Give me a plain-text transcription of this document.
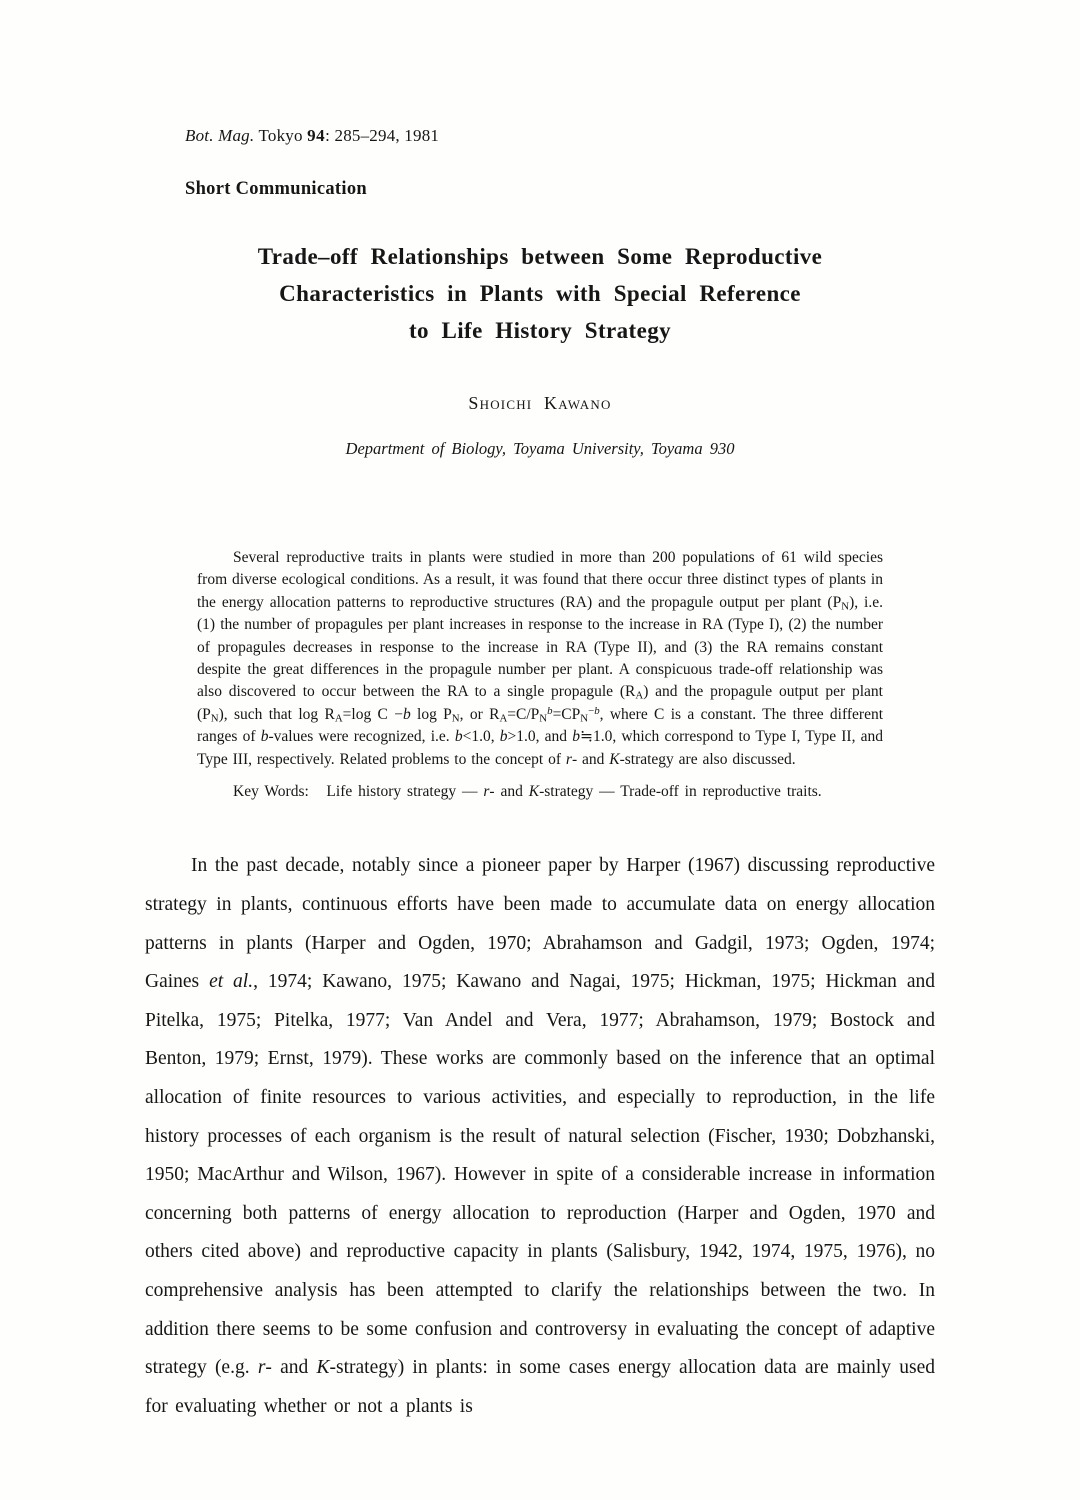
Bot. Mag. Tokyo 94: 285–294, 1981
Short Communication
Trade–off Relationships between Some Reproductive
Characteristics in Plants with Special Reference
to Life History Strategy
Shoichi Kawano
Department of Biology, Toyama University, Toyama 930

Several reproductive traits in plants were studied in more than 200 populations of 61 wild species from diverse ecological conditions. As a result, it was found that there occur three distinct types of plants in the energy allocation patterns to reproductive structures (RA) and the propagule output per plant $(P_N)$, i.e. (1) the number of propagules per plant increases in response to the increase in RA (Type I), (2) the number of propagules decreases in response to the increase in RA (Type II), and (3) the RA remains constant despite the great differences in the propagule number per plant. A conspicuous trade-off relationship was also discovered to occur between the RA to a single propagule $(R_A)$ and the propagule output per plant $(P_N)$, such that $\log R_A=\log$ C −b $\log P_N$, or $R_A=C/P_N^b=CP_N^{-b}$, where C is a constant. The three different ranges of b-values were recognized, i.e. b<1.0, b>1.0, and b≒1.0, which correspond to Type I, Type II, and Type III, respectively. Related problems to the concept of r- and K-strategy are also discussed.

Key Words:   Life history strategy — r- and K-strategy — Trade-off in reproductive traits.

In the past decade, notably since a pioneer paper by Harper (1967) discussing reproductive strategy in plants, continuous efforts have been made to accumulate data on energy allocation patterns in plants (Harper and Ogden, 1970; Abrahamson and Gadgil, 1973; Ogden, 1974; Gaines et al., 1974; Kawano, 1975; Kawano and Nagai, 1975; Hickman, 1975; Hickman and Pitelka, 1975; Pitelka, 1977; Van Andel and Vera, 1977; Abrahamson, 1979; Bostock and Benton, 1979; Ernst, 1979). These works are commonly based on the inference that an optimal allocation of finite resources to various activities, and especially to reproduction, in the life history processes of each organism is the result of natural selection (Fischer, 1930; Dobzhanski, 1950; MacArthur and Wilson, 1967). However in spite of a considerable increase in information concerning both patterns of energy allocation to reproduction (Harper and Ogden, 1970 and others cited above) and reproductive capacity in plants (Salisbury, 1942, 1974, 1975, 1976), no comprehensive analysis has been attempted to clarify the relationships between the two. In addition there seems to be some confusion and controversy in evaluating the concept of adaptive strategy (e.g. r- and K-strategy) in plants: in some cases energy allocation data are mainly used for evaluating whether or not a plants is
